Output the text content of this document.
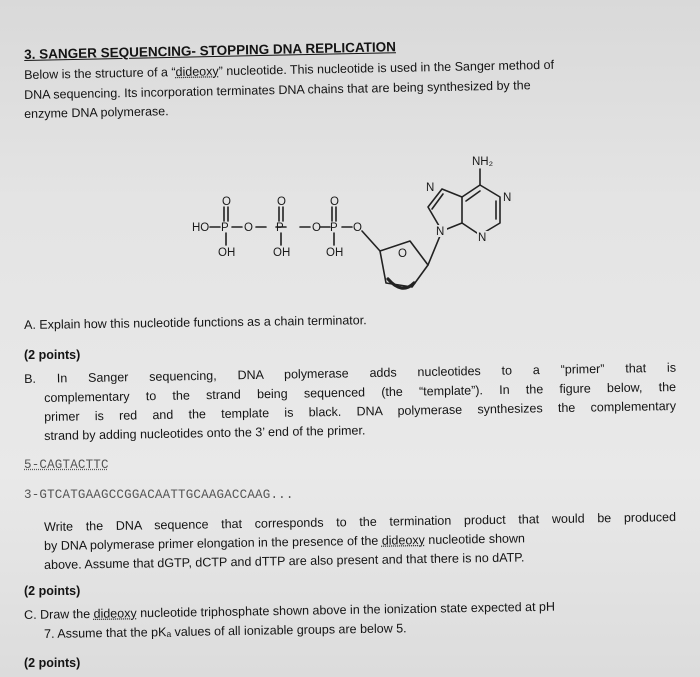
3. SANGER SEQUENCING- STOPPING DNA REPLICATION
Below is the structure of a “dideoxy” nucleotide. This nucleotide is used in the Sanger method of
DNA sequencing. Its incorporation terminates DNA chains that are being synthesized by the
enzyme DNA polymerase.
HO P O P O P O
O	O	O
OH	OH	OH	O
N
N
N	N
NH₂
A. Explain how this nucleotide functions as a chain terminator.
(2 points)
B. In Sanger sequencing, DNA polymerase adds nucleotides to a “primer” that is
complementary to the strand being sequenced (the “template”). In the figure below, the
primer is red and the template is black. DNA polymerase synthesizes the complementary
strand by adding nucleotides onto the 3’ end of the primer.
5-CAGTACTTC
3-GTCATGAAGCCGGACAATTGCAAGACCAAG...
Write the DNA sequence that corresponds to the termination product that would be produced
by DNA polymerase primer elongation in the presence of the dideoxy nucleotide shown
above. Assume that dGTP, dCTP and dTTP are also present and that there is no dATP.
(2 points)
C. Draw the dideoxy nucleotide triphosphate shown above in the ionization state expected at pH
7. Assume that the pKₐ values of all ionizable groups are below 5.
(2 points)
